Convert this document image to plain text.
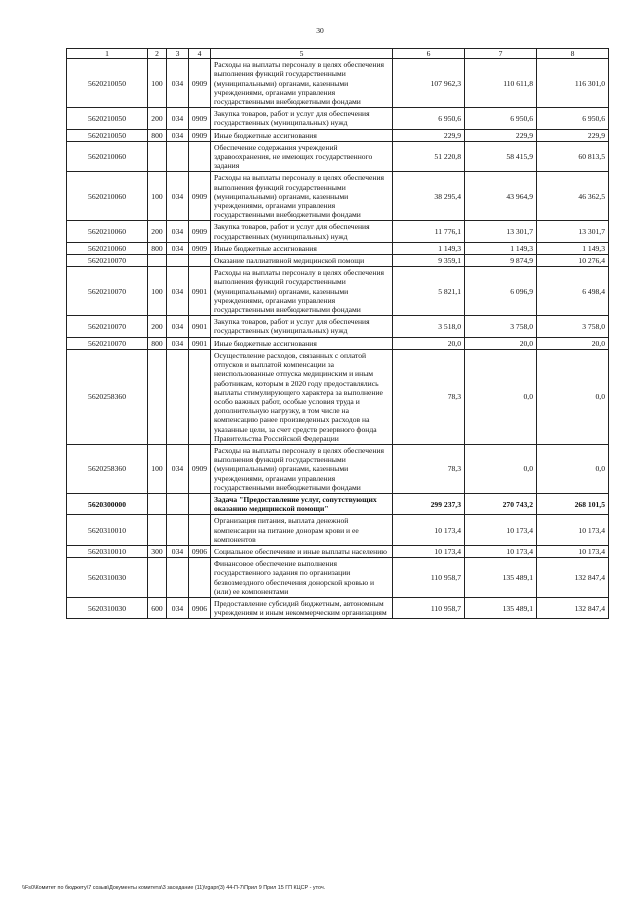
30
1	2	3	4	5	6	7	8
5620210050	100	034	0909	Расходы на выплаты персоналу в целях обеспечения выполнения функций государственными (муниципальными) органами, казенными учреждениями, органами управления государственными внебюджетными фондами	107 962,3	110 611,8	116 301,0
5620210050	200	034	0909	Закупка товаров, работ и услуг для обеспечения государственных (муниципальных) нужд	6 950,6	6 950,6	6 950,6
5620210050	800	034	0909	Иные бюджетные ассигнования	229,9	229,9	229,9
5620210060				Обеспечение содержания учреждений здравоохранения, не имеющих государственного задания	51 220,8	58 415,9	60 813,5
5620210060	100	034	0909	Расходы на выплаты персоналу в целях обеспечения выполнения функций государственными (муниципальными) органами, казенными учреждениями, органами управления государственными внебюджетными фондами	38 295,4	43 964,9	46 362,5
5620210060	200	034	0909	Закупка товаров, работ и услуг для обеспечения государственных (муниципальных) нужд	11 776,1	13 301,7	13 301,7
5620210060	800	034	0909	Иные бюджетные ассигнования	1 149,3	1 149,3	1 149,3
5620210070				Оказание паллиативной медицинской помощи	9 359,1	9 874,9	10 276,4
5620210070	100	034	0901	Расходы на выплаты персоналу в целях обеспечения выполнения функций государственными (муниципальными) органами, казенными учреждениями, органами управления государственными внебюджетными фондами	5 821,1	6 096,9	6 498,4
5620210070	200	034	0901	Закупка товаров, работ и услуг для обеспечения государственных (муниципальных) нужд	3 518,0	3 758,0	3 758,0
5620210070	800	034	0901	Иные бюджетные ассигнования	20,0	20,0	20,0
5620258360				Осуществление расходов, связанных с оплатой отпусков и выплатой компенсации за неиспользованные отпуска медицинским и иным работникам, которым в 2020 году предоставлялись выплаты стимулирующего характера за выполнение особо важных работ, особые условия труда и дополнительную нагрузку, в том числе на компенсацию ранее произведенных расходов на указанные цели, за счет средств резервного фонда Правительства Российской Федерации	78,3	0,0	0,0
5620258360	100	034	0909	Расходы на выплаты персоналу в целях обеспечения выполнения функций государственными (муниципальными) органами, казенными учреждениями, органами управления государственными внебюджетными фондами	78,3	0,0	0,0
5620300000				Задача "Предоставление услуг, сопутствующих оказанию медицинской помощи"	299 237,3	270 743,2	268 101,5
5620310010				Организация питания, выплата денежной компенсации на питание донорам крови и ее компонентов	10 173,4	10 173,4	10 173,4
5620310010	300	034	0906	Социальное обеспечение и иные выплаты населению	10 173,4	10 173,4	10 173,4
5620310030				Финансовое обеспечение выполнения государственного задания по организации безвозмездного обеспечения донорской кровью и (или) ее компонентами	110 958,7	135 489,1	132 847,4
5620310030	600	034	0906	Предоставление субсидий бюджетным, автономным учреждениям и иным некоммерческим организациям	110 958,7	135 489,1	132 847,4
\\Fs0\Комитет по бюджету\7 созыв\Документы комитета\3 заседание (11)\rgapr(3) 44-П-7\Прил 9 Прил 15 ГП КЦСР - уточ.
